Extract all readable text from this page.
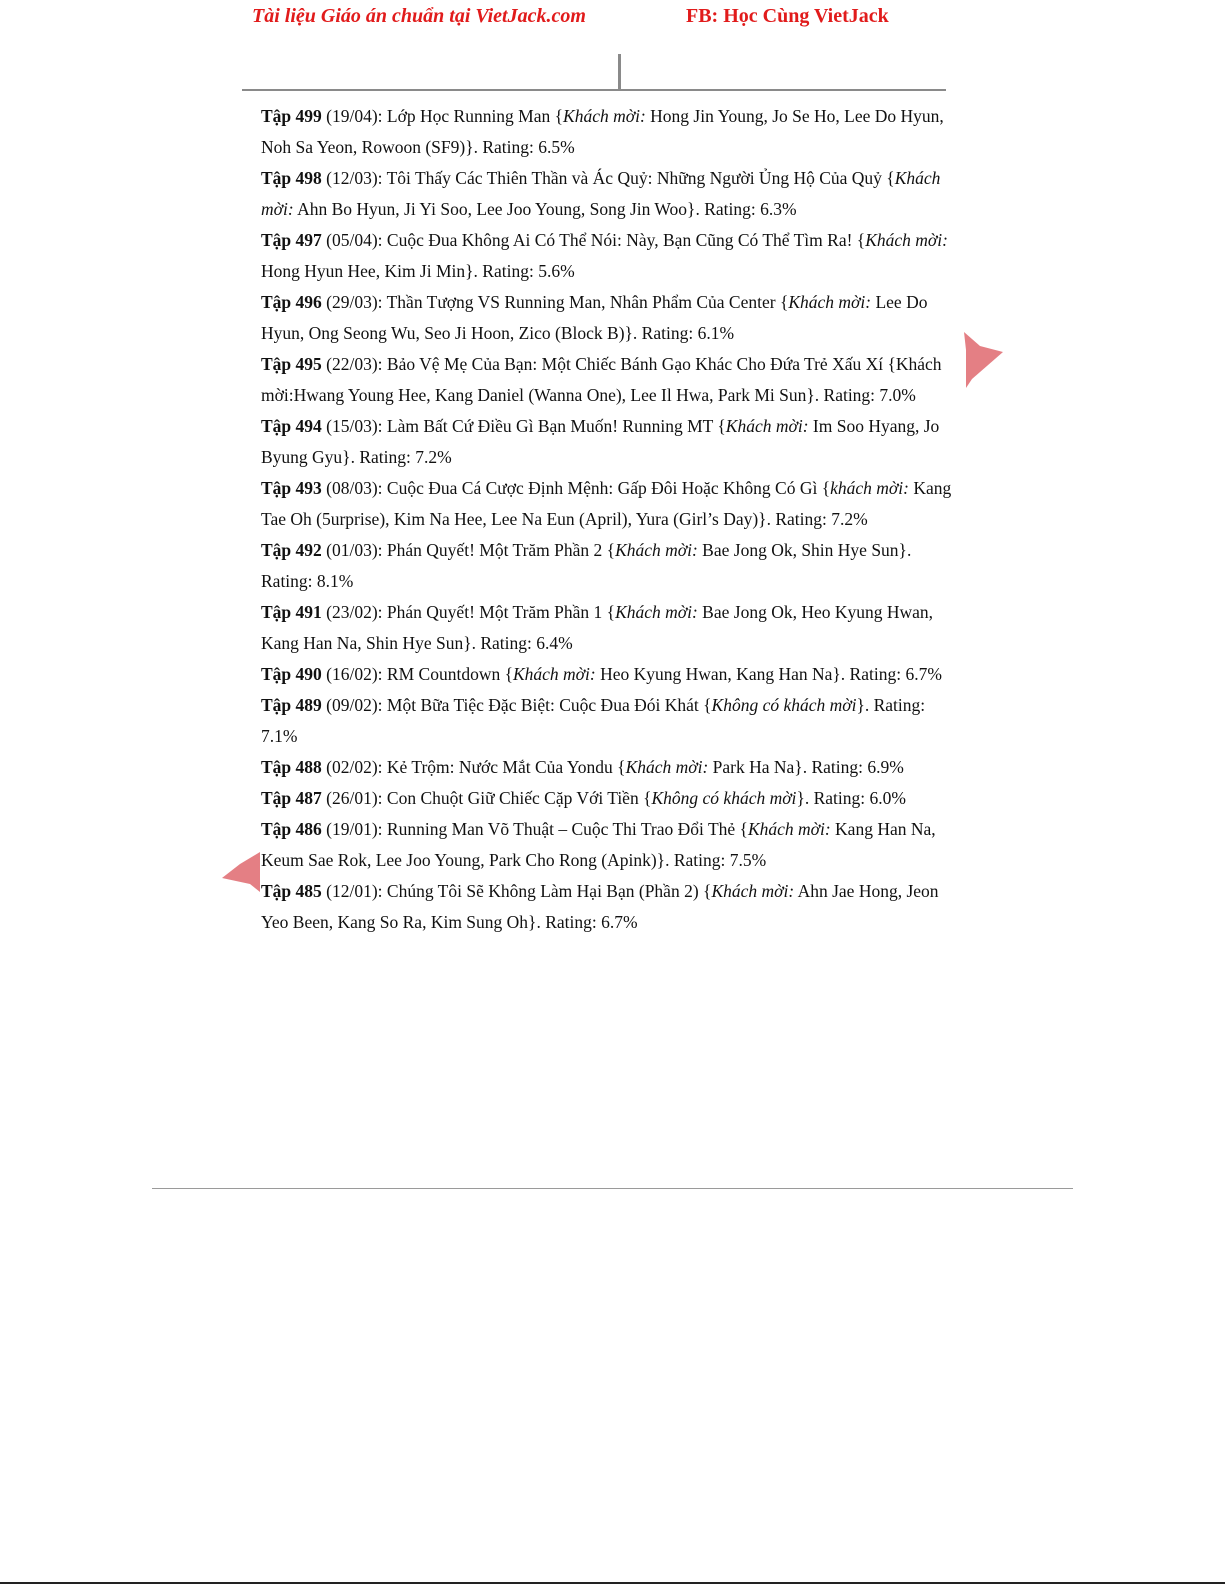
Tài liệu Giáo án chuẩn tại VietJack.com	FB: Học Cùng VietJack

Tập 499 (19/04): Lớp Học Running Man {Khách mời: Hong Jin Young, Jo Se Ho, Lee Do Hyun, Noh Sa Yeon, Rowoon (SF9)}. Rating: 6.5%

Tập 498 (12/03): Tôi Thấy Các Thiên Thần và Ác Quỷ: Những Người Ủng Hộ Của Quỷ {Khách mời: Ahn Bo Hyun, Ji Yi Soo, Lee Joo Young, Song Jin Woo}. Rating: 6.3%

Tập 497 (05/04): Cuộc Đua Không Ai Có Thể Nói: Này, Bạn Cũng Có Thể Tìm Ra! {Khách mời: Hong Hyun Hee, Kim Ji Min}. Rating: 5.6%

Tập 496 (29/03): Thần Tượng VS Running Man, Nhân Phẩm Của Center {Khách mời: Lee Do Hyun, Ong Seong Wu, Seo Ji Hoon, Zico (Block B)}. Rating: 6.1%

Tập 495 (22/03): Bảo Vệ Mẹ Của Bạn: Một Chiếc Bánh Gạo Khác Cho Đứa Trẻ Xấu Xí {Khách mời:Hwang Young Hee, Kang Daniel (Wanna One), Lee Il Hwa, Park Mi Sun}. Rating: 7.0%

Tập 494 (15/03): Làm Bất Cứ Điều Gì Bạn Muốn! Running MT {Khách mời: Im Soo Hyang, Jo Byung Gyu}. Rating: 7.2%

Tập 493 (08/03): Cuộc Đua Cá Cược Định Mệnh: Gấp Đôi Hoặc Không Có Gì {khách mời: Kang Tae Oh (5urprise), Kim Na Hee, Lee Na Eun (April), Yura (Girl’s Day)}. Rating: 7.2%

Tập 492 (01/03): Phán Quyết! Một Trăm Phần 2 {Khách mời: Bae Jong Ok, Shin Hye Sun}. Rating: 8.1%

Tập 491 (23/02): Phán Quyết! Một Trăm Phần 1 {Khách mời: Bae Jong Ok, Heo Kyung Hwan, Kang Han Na, Shin Hye Sun}. Rating: 6.4%

Tập 490 (16/02): RM Countdown {Khách mời: Heo Kyung Hwan, Kang Han Na}. Rating: 6.7%

Tập 489 (09/02): Một Bữa Tiệc Đặc Biệt: Cuộc Đua Đói Khát {Không có khách mời}. Rating: 7.1%

Tập 488 (02/02): Kẻ Trộm: Nước Mắt Của Yondu {Khách mời: Park Ha Na}. Rating: 6.9%

Tập 487 (26/01): Con Chuột Giữ Chiếc Cặp Với Tiền {Không có khách mời}. Rating: 6.0%

Tập 486 (19/01): Running Man Võ Thuật – Cuộc Thi Trao Đổi Thẻ {Khách mời: Kang Han Na, Keum Sae Rok, Lee Joo Young, Park Cho Rong (Apink)}. Rating: 7.5%

Tập 485 (12/01): Chúng Tôi Sẽ Không Làm Hại Bạn (Phần 2) {Khách mời: Ahn Jae Hong, Jeon Yeo Been, Kang So Ra, Kim Sung Oh}. Rating: 6.7%
